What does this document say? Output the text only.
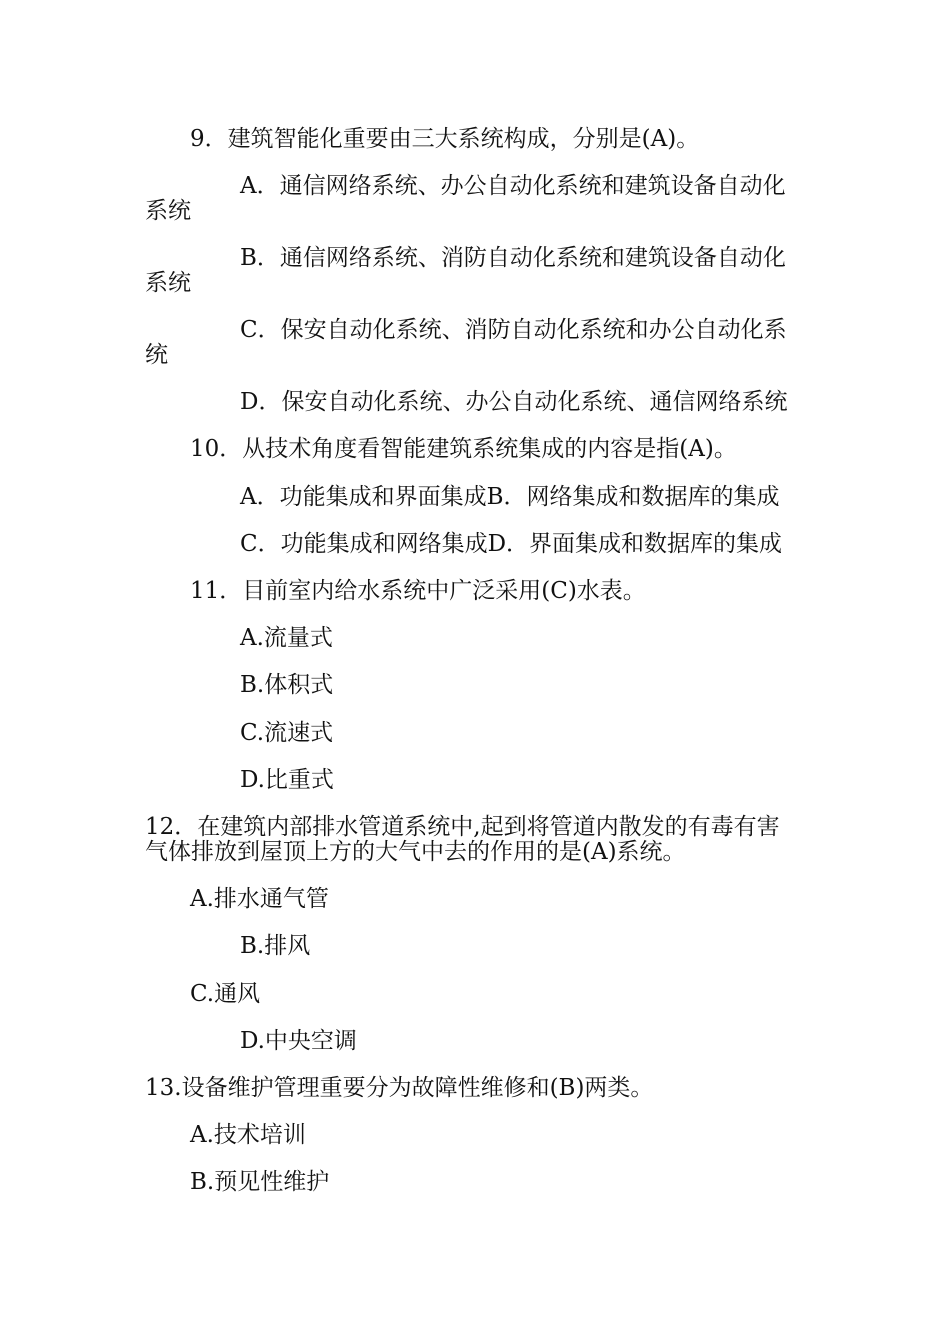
9．建筑智能化重要由三大系统构成，分别是(A)。

A．通信网络系统、办公自动化系统和建筑设备自动化

系统

B．通信网络系统、消防自动化系统和建筑设备自动化

系统

C．保安自动化系统、消防自动化系统和办公自动化系

统

D．保安自动化系统、办公自动化系统、通信网络系统

10．从技术角度看智能建筑系统集成的内容是指(A)。

A．功能集成和界面集成B．网络集成和数据库的集成

C．功能集成和网络集成D．界面集成和数据库的集成

11．目前室内给水系统中广泛采用(C)水表。

A.流量式

B.体积式

C.流速式

D.比重式

12．在建筑内部排水管道系统中,起到将管道内散发的有毒有害

气体排放到屋顶上方的大气中去的作用的是(A)系统。

A.排水通气管

B.排风

C.通风

D.中央空调

13.设备维护管理重要分为故障性维修和(B)两类。

A.技术培训

B.预见性维护
